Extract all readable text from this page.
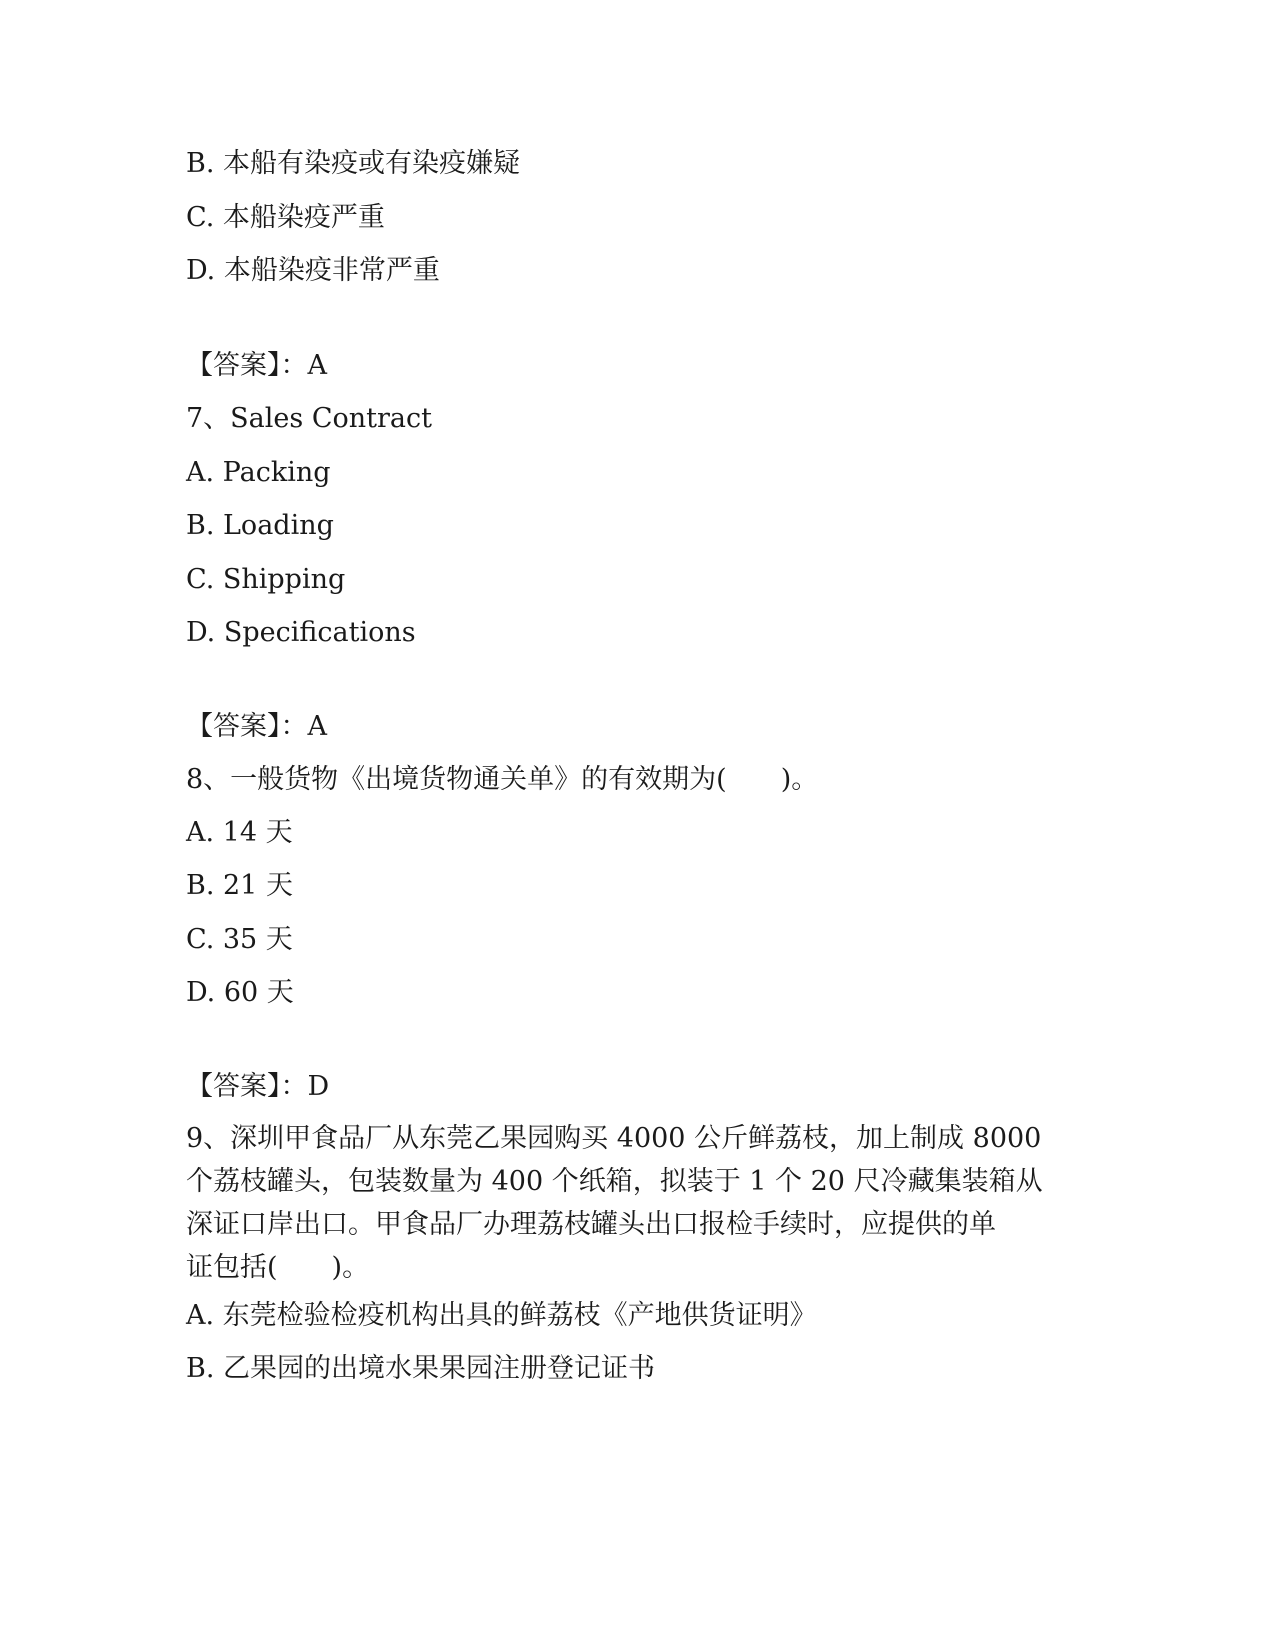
B. 本船有染疫或有染疫嫌疑
C. 本船染疫严重
D. 本船染疫非常严重
【答案】：A
7、Sales Contract
A. Packing
B. Loading
C. Shipping
D. Specifications
【答案】：A
8、一般货物《出境货物通关单》的有效期为(　　)。
A. 14 天
B. 21 天
C. 35 天
D. 60 天
【答案】：D
9、深圳甲食品厂从东莞乙果园购买 4000 公斤鲜荔枝，加上制成 8000
个荔枝罐头，包装数量为 400 个纸箱，拟装于 1 个 20 尺冷藏集装箱从
深证口岸出口。甲食品厂办理荔枝罐头出口报检手续时，应提供的单
证包括(　　)。
A. 东莞检验检疫机构出具的鲜荔枝《产地供货证明》
B. 乙果园的出境水果果园注册登记证书
